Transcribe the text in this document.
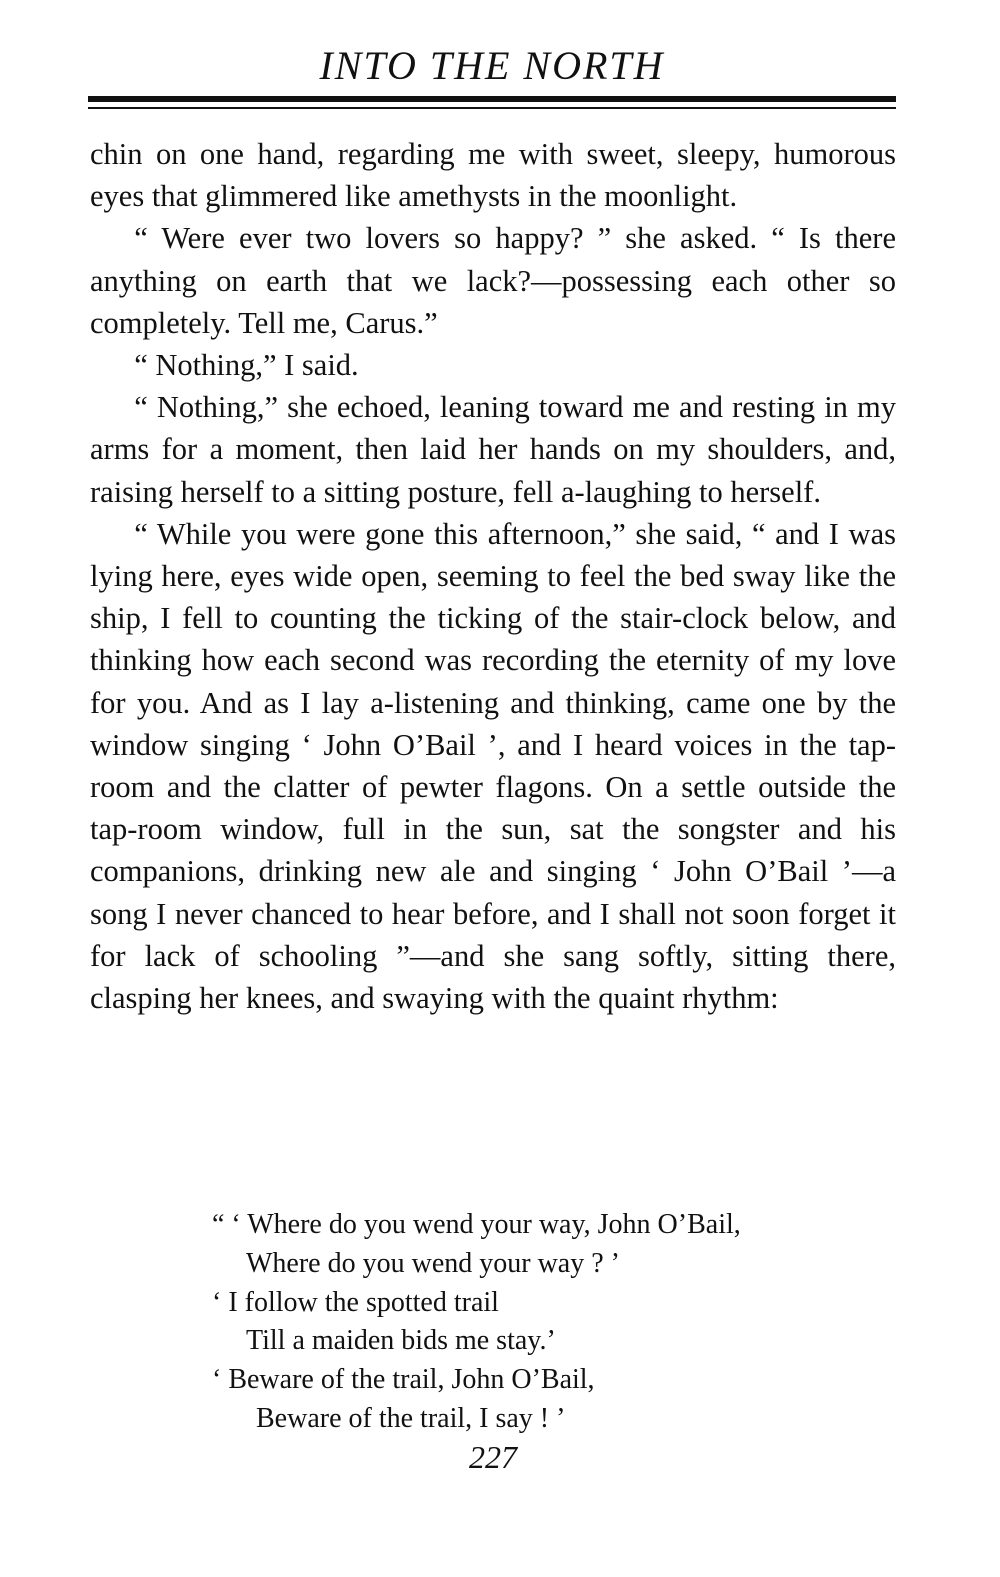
INTO THE NORTH

chin on one hand, regarding me with sweet, sleepy, humorous eyes that glimmered like amethysts in the moonlight.

“ Were ever two lovers so happy? ” she asked. “ Is there anything on earth that we lack?—possessing each other so completely. Tell me, Carus.”

“ Nothing,” I said.

“ Nothing,” she echoed, leaning toward me and resting in my arms for a moment, then laid her hands on my shoulders, and, raising herself to a sitting posture, fell a-laughing to herself.

“ While you were gone this afternoon,” she said, “ and I was lying here, eyes wide open, seeming to feel the bed sway like the ship, I fell to counting the ticking of the stair-clock below, and thinking how each second was recording the eternity of my love for you. And as I lay a-listening and thinking, came one by the window singing ‘ John O’Bail ’, and I heard voices in the tap-room and the clatter of pewter flagons. On a settle outside the tap-room window, full in the sun, sat the songster and his companions, drinking new ale and singing ‘ John O’Bail ’—a song I never chanced to hear before, and I shall not soon forget it for lack of schooling ”—and she sang softly, sitting there, clasping her knees, and swaying with the quaint rhythm:

“ ‘ Where do you wend your way, John O’Bail,
Where do you wend your way ? ’
‘ I follow the spotted trail
Till a maiden bids me stay.’
‘ Beware of the trail, John O’Bail,
Beware of the trail, I say ! ’
227
